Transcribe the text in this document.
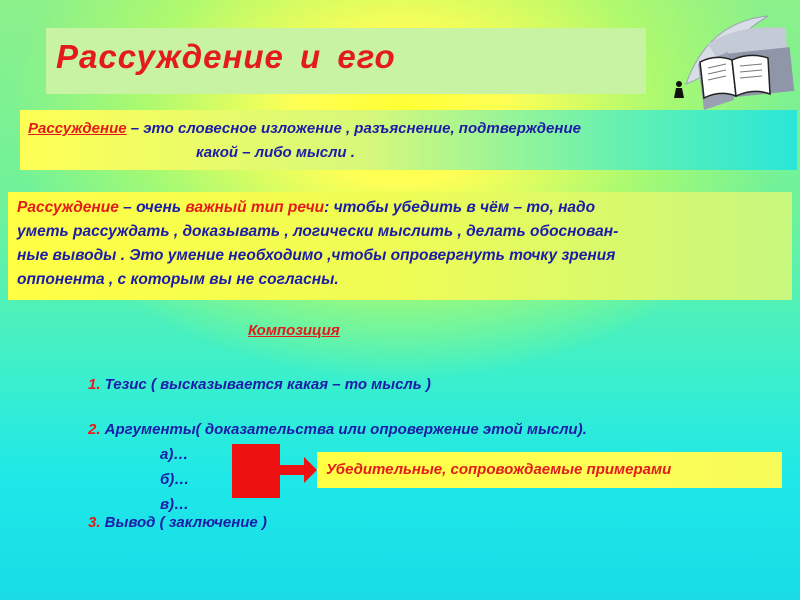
Рассуждение и его
Рассуждение – это словесное изложение , разъяснение, подтверждение
какой – либо мысли .
Рассуждение – очень важный тип речи: чтобы убедить в чём – то, надо
уметь рассуждать , доказывать , логически мыслить , делать обоснован-
ные выводы . Это умение необходимо ,чтобы опровергнуть точку зрения
оппонента , с которым вы не согласны.
Композиция
1. Тезис ( высказывается какая – то мысль )
2. Аргументы( доказательства или опровержение этой мысли).
а)…
б)…
в)…
Убедительные, сопровождаемые примерами
3. Вывод ( заключение )
